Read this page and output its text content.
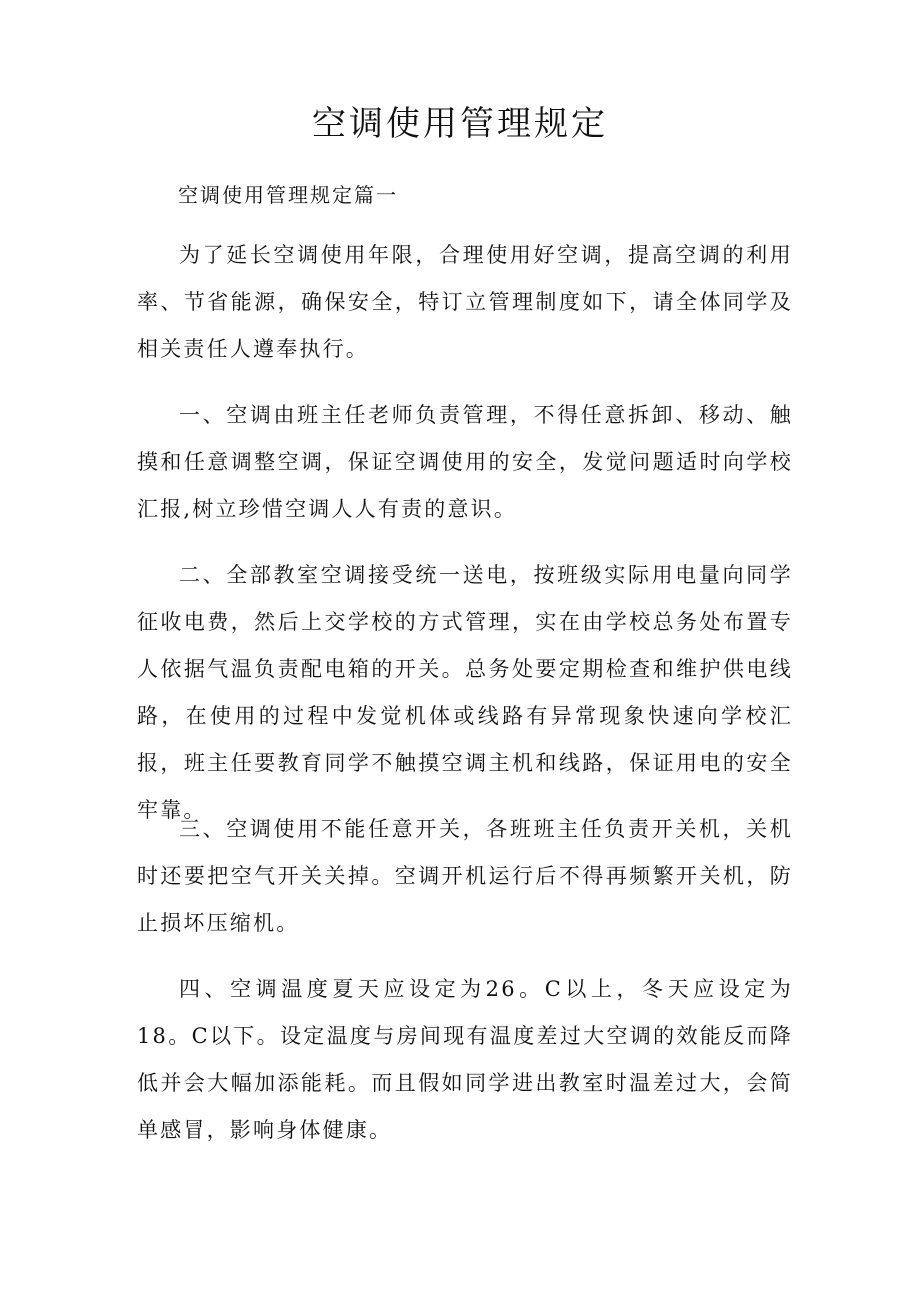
空调使用管理规定

空调使用管理规定篇一

为了延长空调使用年限，合理使用好空调，提高空调的利用率、节省能源，确保安全，特订立管理制度如下，请全体同学及相关责任人遵奉执行。

一、空调由班主任老师负责管理，不得任意拆卸、移动、触摸和任意调整空调，保证空调使用的安全，发觉问题适时向学校汇报,树立珍惜空调人人有责的意识。

二、全部教室空调接受统一送电，按班级实际用电量向同学征收电费，然后上交学校的方式管理，实在由学校总务处布置专人依据气温负责配电箱的开关。总务处要定期检查和维护供电线路，在使用的过程中发觉机体或线路有异常现象快速向学校汇报，班主任要教育同学不触摸空调主机和线路，保证用电的安全牢靠。

三、空调使用不能任意开关，各班班主任负责开关机，关机时还要把空气开关关掉。空调开机运行后不得再频繁开关机，防止损坏压缩机。

四、空调温度夏天应设定为26。C以上，冬天应设定为18。C以下。设定温度与房间现有温度差过大空调的效能反而降低并会大幅加添能耗。而且假如同学进出教室时温差过大，会简单感冒，影响身体健康。
